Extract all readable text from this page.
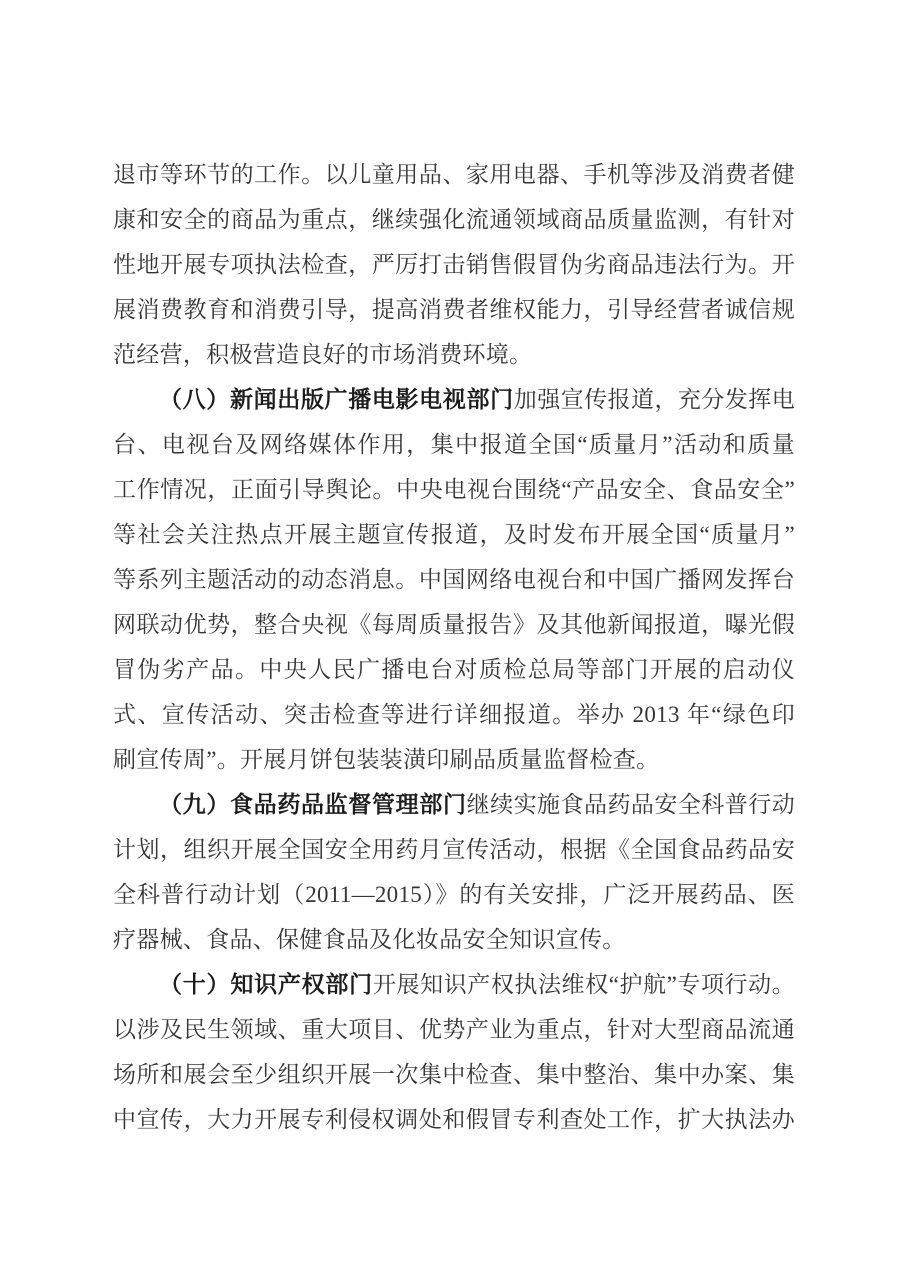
退市等环节的工作。以儿童用品、家用电器、手机等涉及消费者健
康和安全的商品为重点，继续强化流通领域商品质量监测，有针对
性地开展专项执法检查，严厉打击销售假冒伪劣商品违法行为。开
展消费教育和消费引导，提高消费者维权能力，引导经营者诚信规
范经营，积极营造良好的市场消费环境。
（八）新闻出版广播电影电视部门加强宣传报道，充分发挥电
台、电视台及网络媒体作用，集中报道全国“质量月”活动和质量
工作情况，正面引导舆论。中央电视台围绕“产品安全、食品安全”
等社会关注热点开展主题宣传报道，及时发布开展全国“质量月”
等系列主题活动的动态消息。中国网络电视台和中国广播网发挥台
网联动优势，整合央视《每周质量报告》及其他新闻报道，曝光假
冒伪劣产品。中央人民广播电台对质检总局等部门开展的启动仪
式、宣传活动、突击检查等进行详细报道。举办 2013 年“绿色印
刷宣传周”。开展月饼包装装潢印刷品质量监督检查。
（九）食品药品监督管理部门继续实施食品药品安全科普行动
计划，组织开展全国安全用药月宣传活动，根据《全国食品药品安
全科普行动计划（2011—2015）》的有关安排，广泛开展药品、医
疗器械、食品、保健食品及化妆品安全知识宣传。
（十）知识产权部门开展知识产权执法维权“护航”专项行动。
以涉及民生领域、重大项目、优势产业为重点，针对大型商品流通
场所和展会至少组织开展一次集中检查、集中整治、集中办案、集
中宣传，大力开展专利侵权调处和假冒专利查处工作，扩大执法办
